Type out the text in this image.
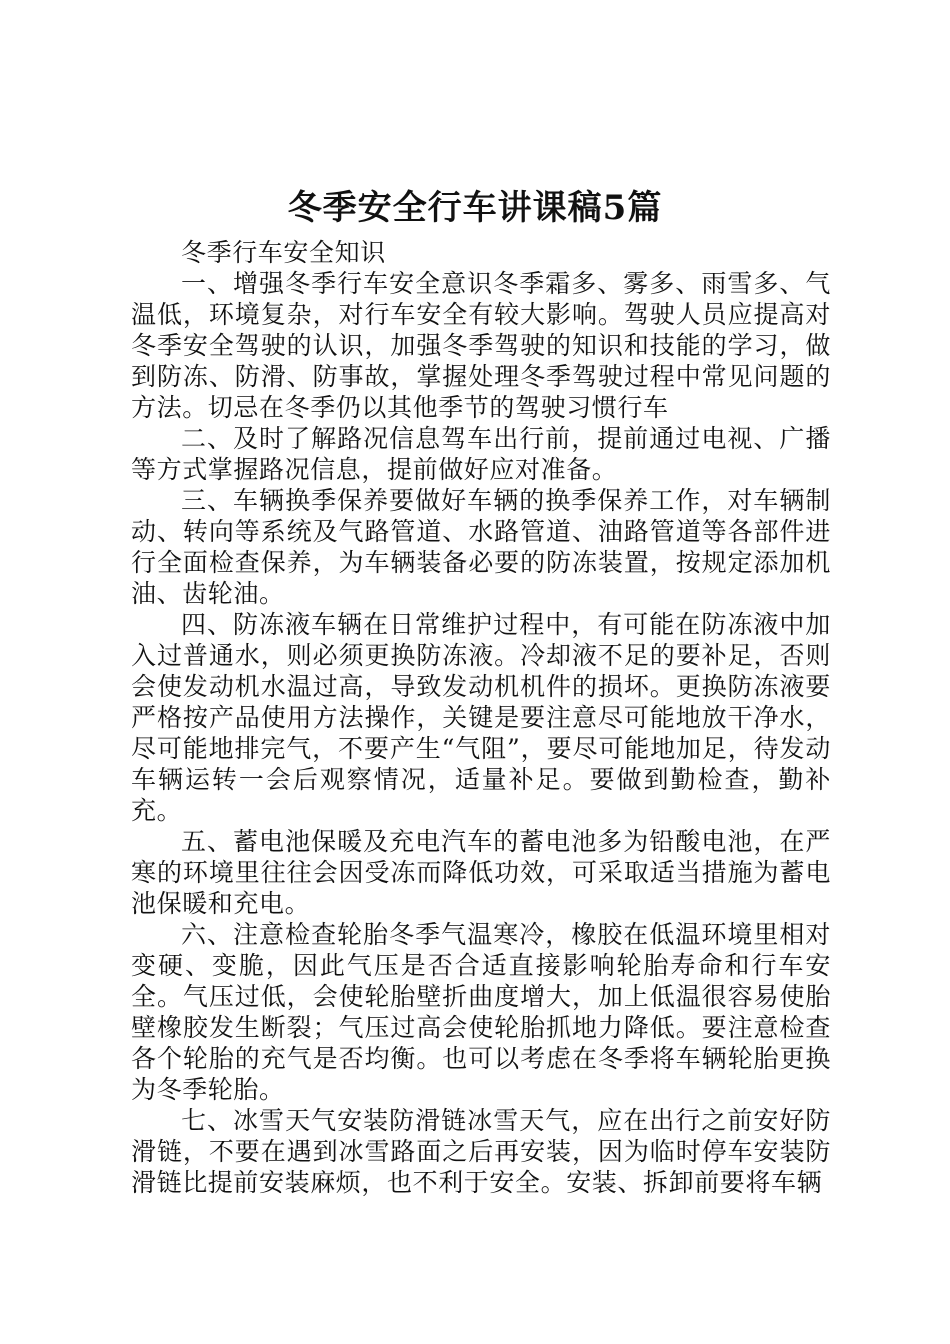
冬季安全行车讲课稿5篇

冬季行车安全知识

一、增强冬季行车安全意识冬季霜多、雾多、雨雪多、气温低，环境复杂，对行车安全有较大影响。驾驶人员应提高对冬季安全驾驶的认识，加强冬季驾驶的知识和技能的学习，做到防冻、防滑、防事故，掌握处理冬季驾驶过程中常见问题的方法。切忌在冬季仍以其他季节的驾驶习惯行车

二、及时了解路况信息驾车出行前，提前通过电视、广播等方式掌握路况信息，提前做好应对准备。

三、车辆换季保养要做好车辆的换季保养工作，对车辆制动、转向等系统及气路管道、水路管道、油路管道等各部件进行全面检查保养，为车辆装备必要的防冻装置，按规定添加机油、齿轮油。

四、防冻液车辆在日常维护过程中，有可能在防冻液中加入过普通水，则必须更换防冻液。冷却液不足的要补足，否则会使发动机水温过高，导致发动机机件的损坏。更换防冻液要严格按产品使用方法操作，关键是要注意尽可能地放干净水，尽可能地排完气，不要产生“气阻”，要尽可能地加足，待发动车辆运转一会后观察情况，适量补足。要做到勤检查，勤补充。

五、蓄电池保暖及充电汽车的蓄电池多为铅酸电池，在严寒的环境里往往会因受冻而降低功效，可采取适当措施为蓄电池保暖和充电。

六、注意检查轮胎冬季气温寒冷，橡胶在低温环境里相对变硬、变脆，因此气压是否合适直接影响轮胎寿命和行车安全。气压过低，会使轮胎壁折曲度增大，加上低温很容易使胎壁橡胶发生断裂；气压过高会使轮胎抓地力降低。要注意检查各个轮胎的充气是否均衡。也可以考虑在冬季将车辆轮胎更换为冬季轮胎。

七、冰雪天气安装防滑链冰雪天气，应在出行之前安好防滑链，不要在遇到冰雪路面之后再安装，因为临时停车安装防滑链比提前安装麻烦，也不利于安全。安装、拆卸前要将车辆
